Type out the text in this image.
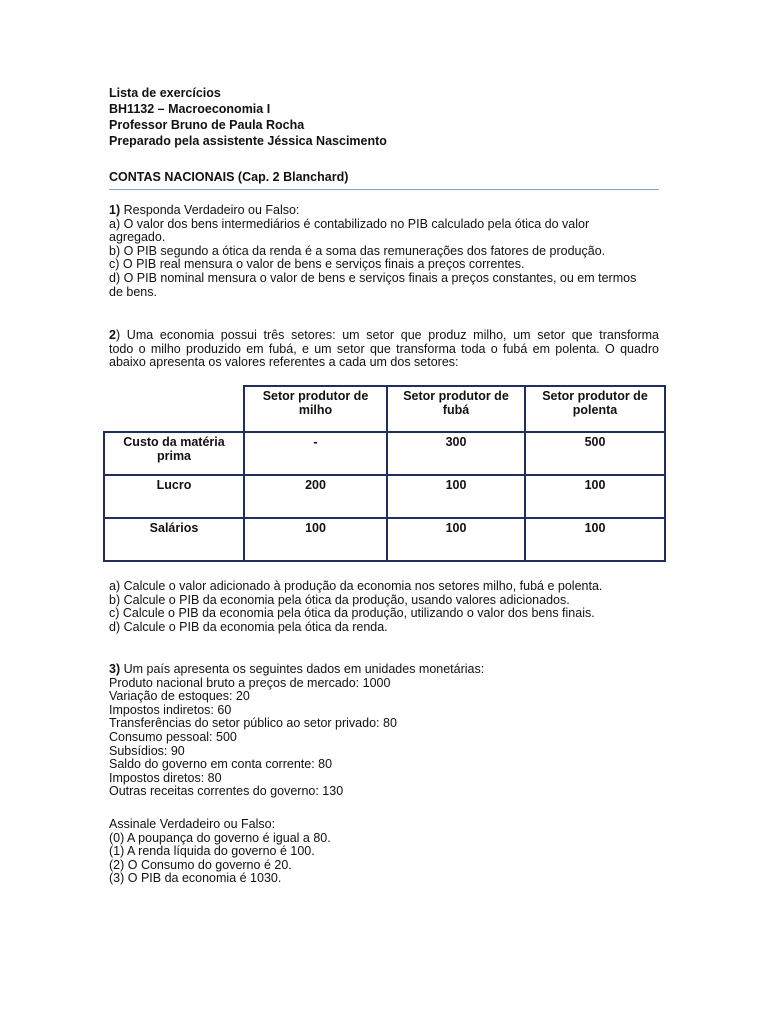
Lista de exercícios
BH1132 – Macroeconomia I
Professor Bruno de Paula Rocha
Preparado pela assistente Jéssica Nascimento
CONTAS NACIONAIS (Cap. 2 Blanchard)
1) Responda Verdadeiro ou Falso:
a) O valor dos bens intermediários é contabilizado no PIB calculado pela ótica do valor
agregado.
b) O PIB segundo a ótica da renda é a soma das remunerações dos fatores de produção.
c) O PIB real mensura o valor de bens e serviços finais a preços correntes.
d) O PIB nominal mensura o valor de bens e serviços finais a preços constantes, ou em termos
de bens.
2) Uma economia possui três setores: um setor que produz milho, um setor que transforma
todo o milho produzido em fubá, e um setor que transforma toda o fubá em polenta. O quadro
abaixo apresenta os valores referentes a cada um dos setores:
	Setor produtor de milho	Setor produtor de fubá	Setor produtor de polenta
Custo da matéria prima	-	300	500
Lucro	200	100	100
Salários	100	100	100
a) Calcule o valor adicionado à produção da economia nos setores milho, fubá e polenta.
b) Calcule o PIB da economia pela ótica da produção, usando valores adicionados.
c) Calcule o PIB da economia pela ótica da produção, utilizando o valor dos bens finais.
d) Calcule o PIB da economia pela ótica da renda.
3) Um país apresenta os seguintes dados em unidades monetárias:
Produto nacional bruto a preços de mercado: 1000
Variação de estoques: 20
Impostos indiretos: 60
Transferências do setor público ao setor privado: 80
Consumo pessoal: 500
Subsídios: 90
Saldo do governo em conta corrente: 80
Impostos diretos: 80
Outras receitas correntes do governo: 130
Assinale Verdadeiro ou Falso:
(0) A poupança do governo é igual a 80.
(1) A renda líquida do governo é 100.
(2) O Consumo do governo é 20.
(3) O PIB da economia é 1030.
